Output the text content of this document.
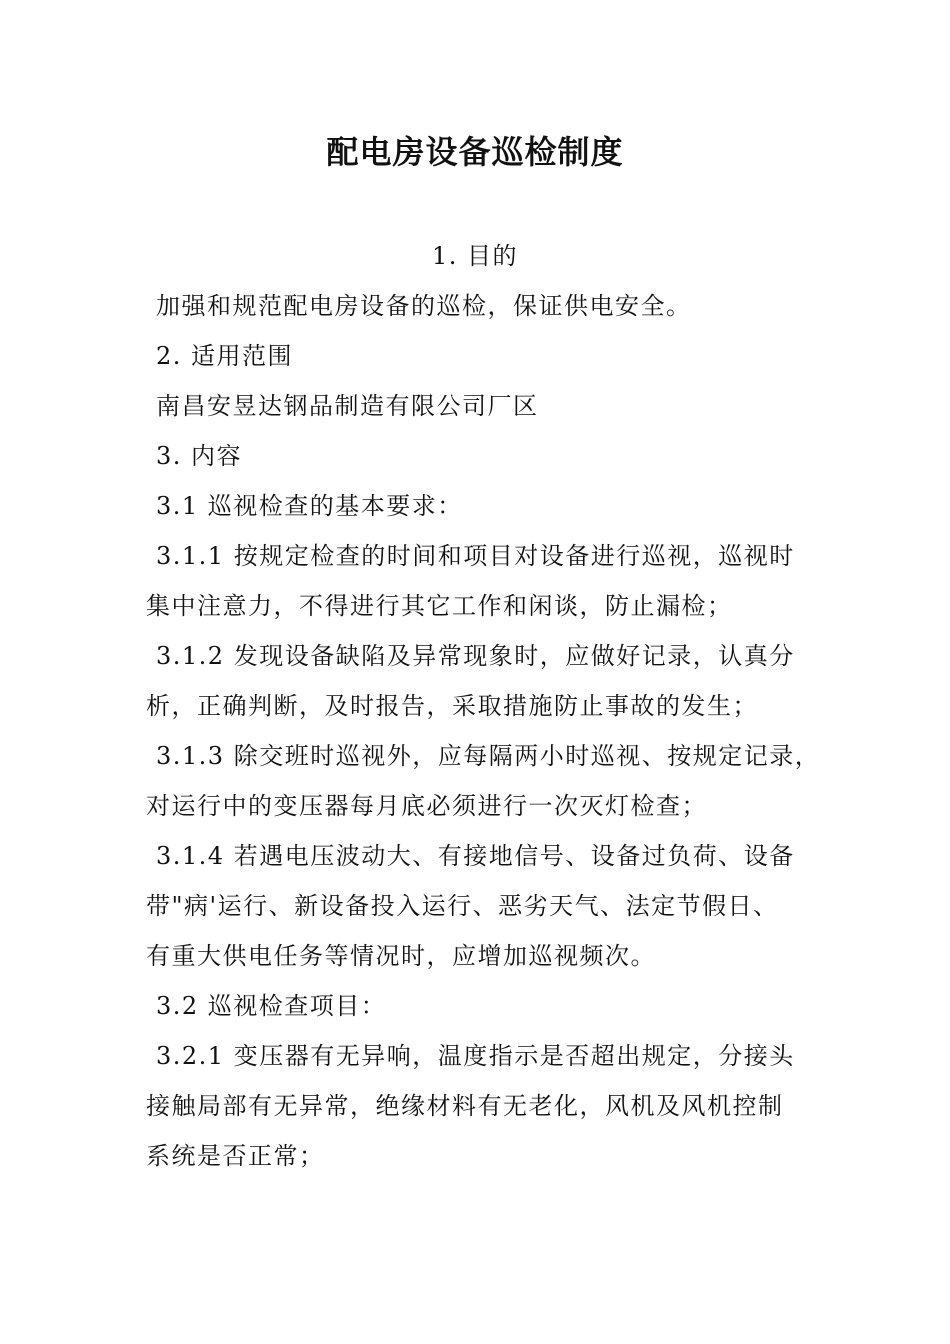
配电房设备巡检制度
1. 目的
加强和规范配电房设备的巡检，保证供电安全。
2. 适用范围
南昌安昱达钢品制造有限公司厂区
3. 内容
3.1 巡视检查的基本要求：
3.1.1 按规定检查的时间和项目对设备进行巡视，巡视时
集中注意力，不得进行其它工作和闲谈，防止漏检；
3.1.2 发现设备缺陷及异常现象时，应做好记录，认真分
析，正确判断，及时报告，采取措施防止事故的发生；
3.1.3 除交班时巡视外，应每隔两小时巡视、按规定记录，
对运行中的变压器每月底必须进行一次灭灯检查；
3.1.4 若遇电压波动大、有接地信号、设备过负荷、设备
带"病'运行、新设备投入运行、恶劣天气、法定节假日、
有重大供电任务等情况时，应增加巡视频次。
3.2 巡视检查项目：
3.2.1 变压器有无异响，温度指示是否超出规定，分接头
接触局部有无异常，绝缘材料有无老化，风机及风机控制
系统是否正常；
